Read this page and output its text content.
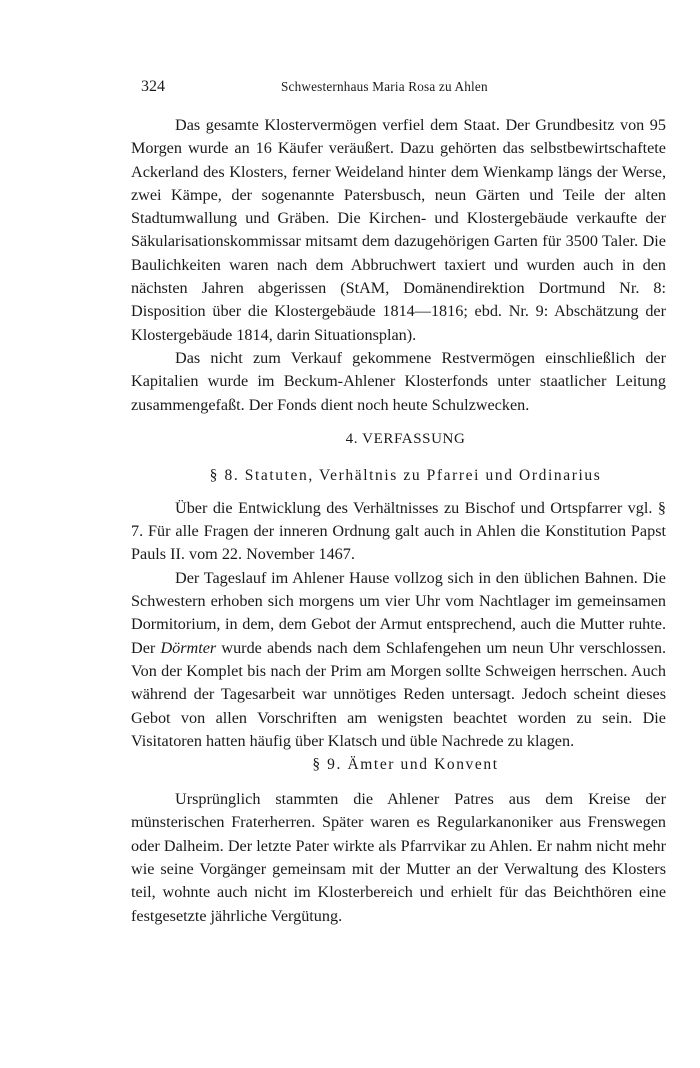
324	Schwesternhaus Maria Rosa zu Ahlen

Das gesamte Klostervermögen verfiel dem Staat. Der Grundbesitz von 95 Morgen wurde an 16 Käufer veräußert. Dazu gehörten das selbstbewirtschaftete Ackerland des Klosters, ferner Weideland hinter dem Wienkamp längs der Werse, zwei Kämpe, der sogenannte Patersbusch, neun Gärten und Teile der alten Stadtumwallung und Gräben. Die Kirchen- und Klostergebäude verkaufte der Säkularisationskommissar mitsamt dem dazugehörigen Garten für 3500 Taler. Die Baulichkeiten waren nach dem Abbruchwert taxiert und wurden auch in den nächsten Jahren abgerissen (StAM, Domänendirektion Dortmund Nr. 8: Disposition über die Klostergebäude 1814—1816; ebd. Nr. 9: Abschätzung der Klostergebäude 1814, darin Situationsplan).

Das nicht zum Verkauf gekommene Restvermögen einschließlich der Kapitalien wurde im Beckum-Ahlener Klosterfonds unter staatlicher Leitung zusammengefaßt. Der Fonds dient noch heute Schulzwecken.

4. VERFASSUNG
§ 8. Statuten, Verhältnis zu Pfarrei und Ordinarius

Über die Entwicklung des Verhältnisses zu Bischof und Ortspfarrer vgl. § 7. Für alle Fragen der inneren Ordnung galt auch in Ahlen die Konstitution Papst Pauls II. vom 22. November 1467.

Der Tageslauf im Ahlener Hause vollzog sich in den üblichen Bahnen. Die Schwestern erhoben sich morgens um vier Uhr vom Nachtlager im gemeinsamen Dormitorium, in dem, dem Gebot der Armut entsprechend, auch die Mutter ruhte. Der Dörmter wurde abends nach dem Schlafengehen um neun Uhr verschlossen. Von der Komplet bis nach der Prim am Morgen sollte Schweigen herrschen. Auch während der Tagesarbeit war unnötiges Reden untersagt. Jedoch scheint dieses Gebot von allen Vorschriften am wenigsten beachtet worden zu sein. Die Visitatoren hatten häufig über Klatsch und üble Nachrede zu klagen.

§ 9. Ämter und Konvent

Ursprünglich stammten die Ahlener Patres aus dem Kreise der münsterischen Fraterherren. Später waren es Regularkanoniker aus Frenswegen oder Dalheim. Der letzte Pater wirkte als Pfarrvikar zu Ahlen. Er nahm nicht mehr wie seine Vorgänger gemeinsam mit der Mutter an der Verwaltung des Klosters teil, wohnte auch nicht im Klosterbereich und erhielt für das Beichthören eine festgesetzte jährliche Vergütung.
